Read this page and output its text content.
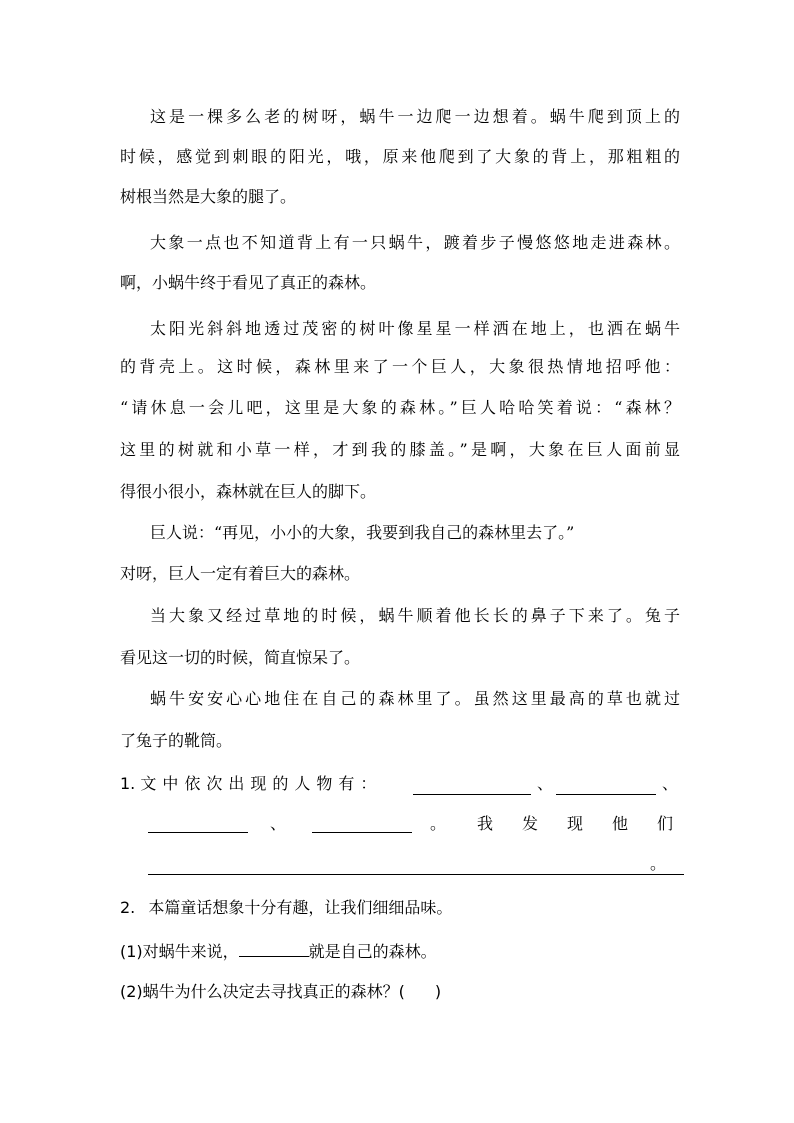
这是一棵多么老的树呀，蜗牛一边爬一边想着。蜗牛爬到顶上的
时候，感觉到刺眼的阳光，哦，原来他爬到了大象的背上，那粗粗的
树根当然是大象的腿了。
大象一点也不知道背上有一只蜗牛，踱着步子慢悠悠地走进森林。
啊，小蜗牛终于看见了真正的森林。
太阳光斜斜地透过茂密的树叶像星星一样洒在地上，也洒在蜗牛
的背壳上。这时候，森林里来了一个巨人，大象很热情地招呼他：
“请休息一会儿吧，这里是大象的森林。”巨人哈哈笑着说：“森林？
这里的树就和小草一样，才到我的膝盖。”是啊，大象在巨人面前显
得很小很小，森林就在巨人的脚下。
巨人说：“再见，小小的大象，我要到我自己的森林里去了。”
对呀，巨人一定有着巨大的森林。
当大象又经过草地的时候，蜗牛顺着他长长的鼻子下来了。兔子
看见这一切的时候，简直惊呆了。
蜗牛安安心心地住在自己的森林里了。虽然这里最高的草也就过
了兔子的靴筒。
1. 文中依次出现的人物有：	、	、
、	。 我 发 现 他 们
。
2. 本篇童话想象十分有趣，让我们细细品味。
(1)对蜗牛来说，	就是自己的森林。
(2)蜗牛为什么决定去寻找真正的森林？( )
